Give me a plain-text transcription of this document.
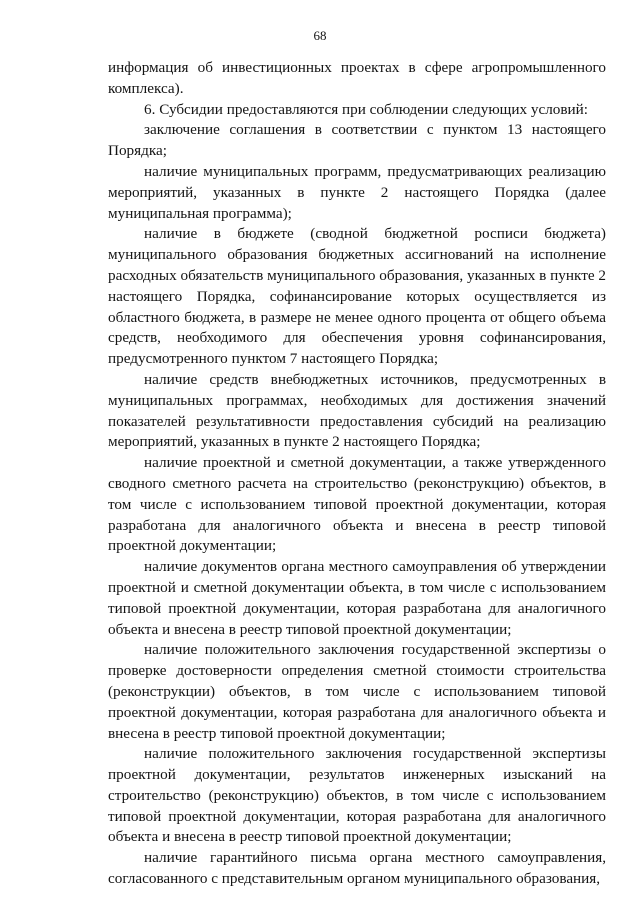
68

информация об инвестиционных проектах в сфере агропромышленного комплекса).

6. Субсидии предоставляются при соблюдении следующих условий:

заключение соглашения в соответствии с пунктом 13 настоящего Порядка;

наличие муниципальных программ, предусматривающих реализацию мероприятий, указанных в пункте 2 настоящего Порядка (далее муниципальная программа);

наличие в бюджете (сводной бюджетной росписи бюджета) муниципального образования бюджетных ассигнований на исполнение расходных обязательств муниципального образования, указанных в пункте 2 настоящего Порядка, софинансирование которых осуществляется из областного бюджета, в размере не менее одного процента от общего объема средств, необходимого для обеспечения уровня софинансирования, предусмотренного пунктом 7 настоящего Порядка;

наличие средств внебюджетных источников, предусмотренных в муниципальных программах, необходимых для достижения значений показателей результативности предоставления субсидий на реализацию мероприятий, указанных в пункте 2 настоящего Порядка;

наличие проектной и сметной документации, а также утвержденного сводного сметного расчета на строительство (реконструкцию) объектов, в том числе с использованием типовой проектной документации, которая разработана для аналогичного объекта и внесена в реестр типовой проектной документации;

наличие документов органа местного самоуправления об утверждении проектной и сметной документации объекта, в том числе с использованием типовой проектной документации, которая разработана для аналогичного объекта и внесена в реестр типовой проектной документации;

наличие положительного заключения государственной экспертизы о проверке достоверности определения сметной стоимости строительства (реконструкции) объектов, в том числе с использованием типовой проектной документации, которая разработана для аналогичного объекта и внесена в реестр типовой проектной документации;

наличие положительного заключения государственной экспертизы проектной документации, результатов инженерных изысканий на строительство (реконструкцию) объектов, в том числе с использованием типовой проектной документации, которая разработана для аналогичного объекта и внесена в реестр типовой проектной документации;

наличие гарантийного письма органа местного самоуправления, согласованного с представительным органом муниципального образования,
